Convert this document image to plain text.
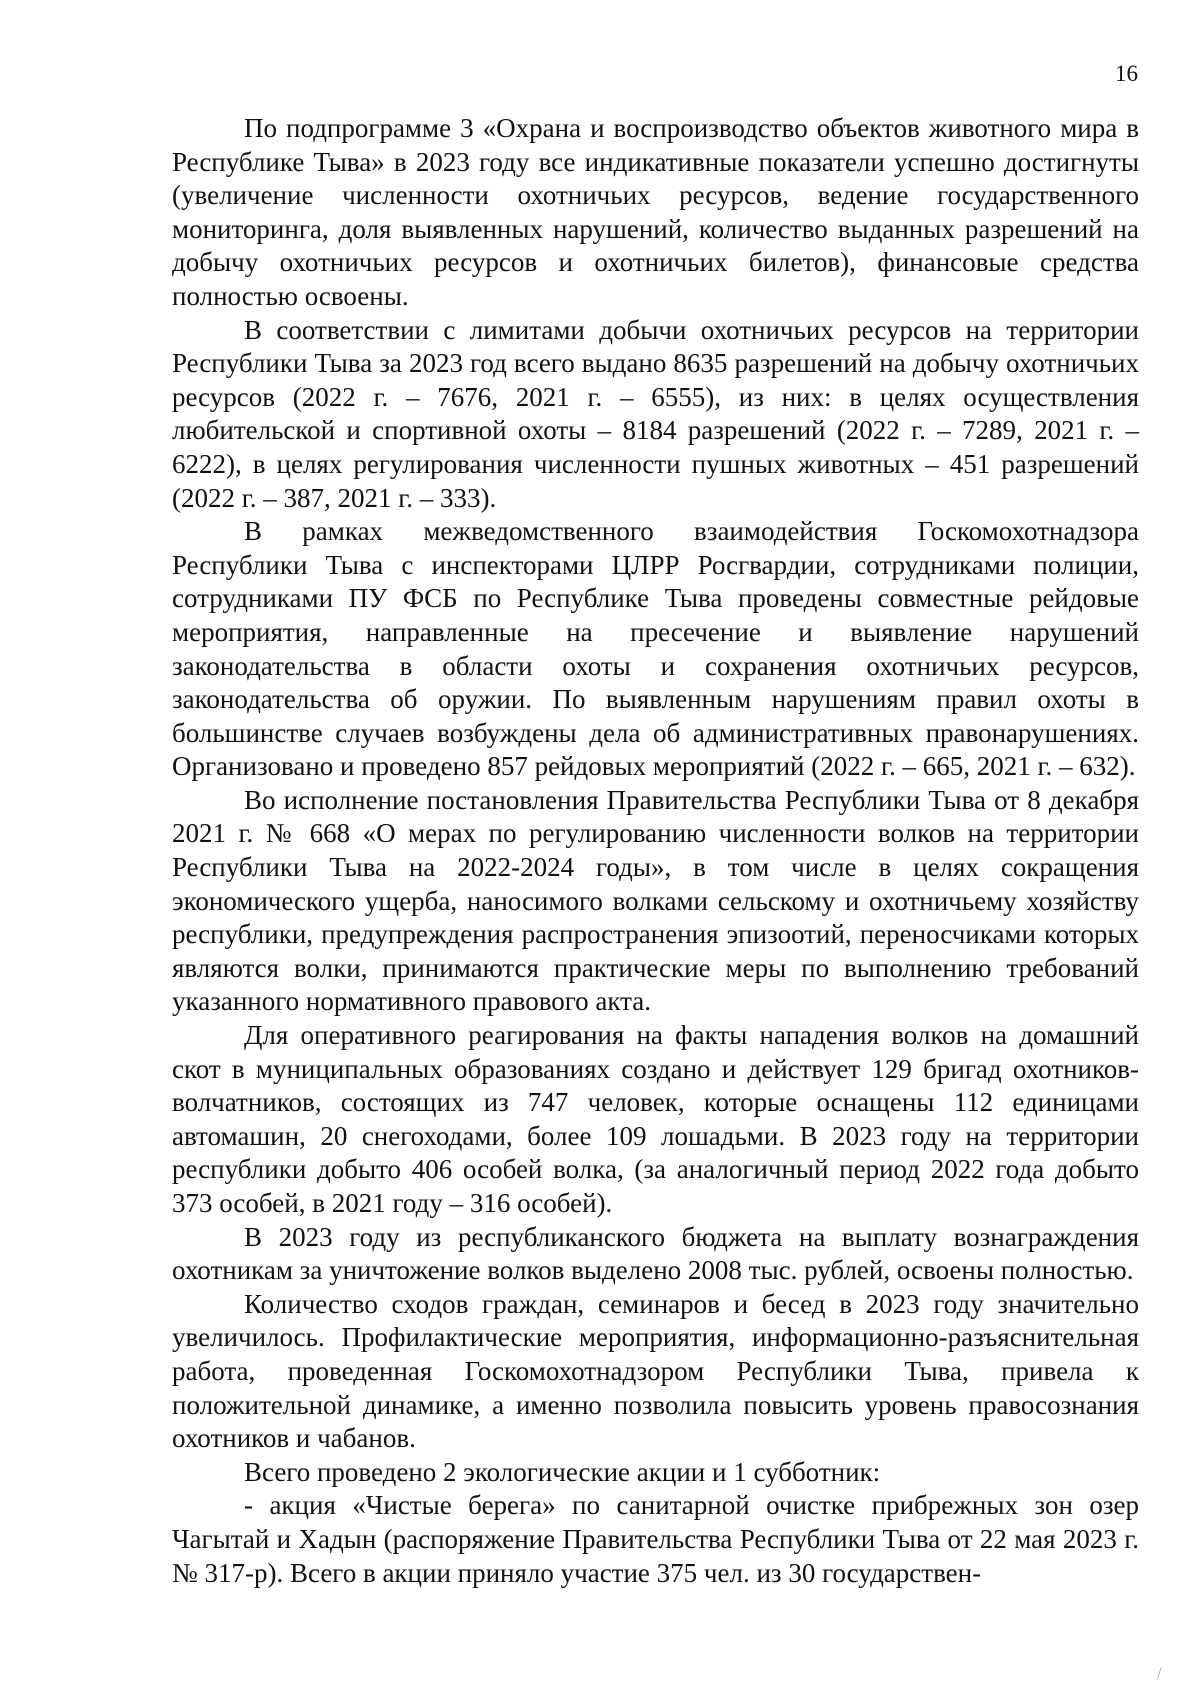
16

По подпрограмме 3 «Охрана и воспроизводство объектов животного мира в Республике Тыва» в 2023 году все индикативные показатели успешно достигнуты (увеличение численности охотничьих ресурсов, ведение государственного мониторинга, доля выявленных нарушений, количество выданных разрешений на добычу охотничьих ресурсов и охотничьих билетов), финансовые средства полностью освоены.

В соответствии с лимитами добычи охотничьих ресурсов на территории Республики Тыва за 2023 год всего выдано 8635 разрешений на добычу охотничьих ресурсов (2022 г. – 7676, 2021 г. – 6555), из них: в целях осуществления любительской и спортивной охоты – 8184 разрешений (2022 г. – 7289, 2021 г. – 6222), в целях регулирования численности пушных животных – 451 разрешений (2022 г. – 387, 2021 г. – 333).

В рамках межведомственного взаимодействия Госкомохотнадзора Республики Тыва с инспекторами ЦЛРР Росгвардии, сотрудниками полиции, сотрудниками ПУ ФСБ по Республике Тыва проведены совместные рейдовые мероприятия, направленные на пресечение и выявление нарушений законодательства в области охоты и сохранения охотничьих ресурсов, законодательства об оружии. По выявленным нарушениям правил охоты в большинстве случаев возбуждены дела об административных правонарушениях. Организовано и проведено 857 рейдовых мероприятий (2022 г. – 665, 2021 г. – 632).

Во исполнение постановления Правительства Республики Тыва от 8 декабря 2021 г. № 668 «О мерах по регулированию численности волков на территории Республики Тыва на 2022-2024 годы», в том числе в целях сокращения экономического ущерба, наносимого волками сельскому и охотничьему хозяйству республики, предупреждения распространения эпизоотий, переносчиками которых являются волки, принимаются практические меры по выполнению требований указанного нормативного правового акта.

Для оперативного реагирования на факты нападения волков на домашний скот в муниципальных образованиях создано и действует 129 бригад охотников-волчатников, состоящих из 747 человек, которые оснащены 112 единицами автомашин, 20 снегоходами, более 109 лошадьми. В 2023 году на территории республики добыто 406 особей волка, (за аналогичный период 2022 года добыто 373 особей, в 2021 году – 316 особей).

В 2023 году из республиканского бюджета на выплату вознаграждения охотникам за уничтожение волков выделено 2008 тыс. рублей, освоены полностью.

Количество сходов граждан, семинаров и бесед в 2023 году значительно увеличилось. Профилактические мероприятия, информационно-разъяснительная работа, проведенная Госкомохотнадзором Республики Тыва, привела к положительной динамике, а именно позволила повысить уровень правосознания охотников и чабанов.

Всего проведено 2 экологические акции и 1 субботник:

- акция «Чистые берега» по санитарной очистке прибрежных зон озер Чагытай и Хадын (распоряжение Правительства Республики Тыва от 22 мая 2023 г. № 317-р). Всего в акции приняло участие 375 чел. из 30 государствен-

⁄
